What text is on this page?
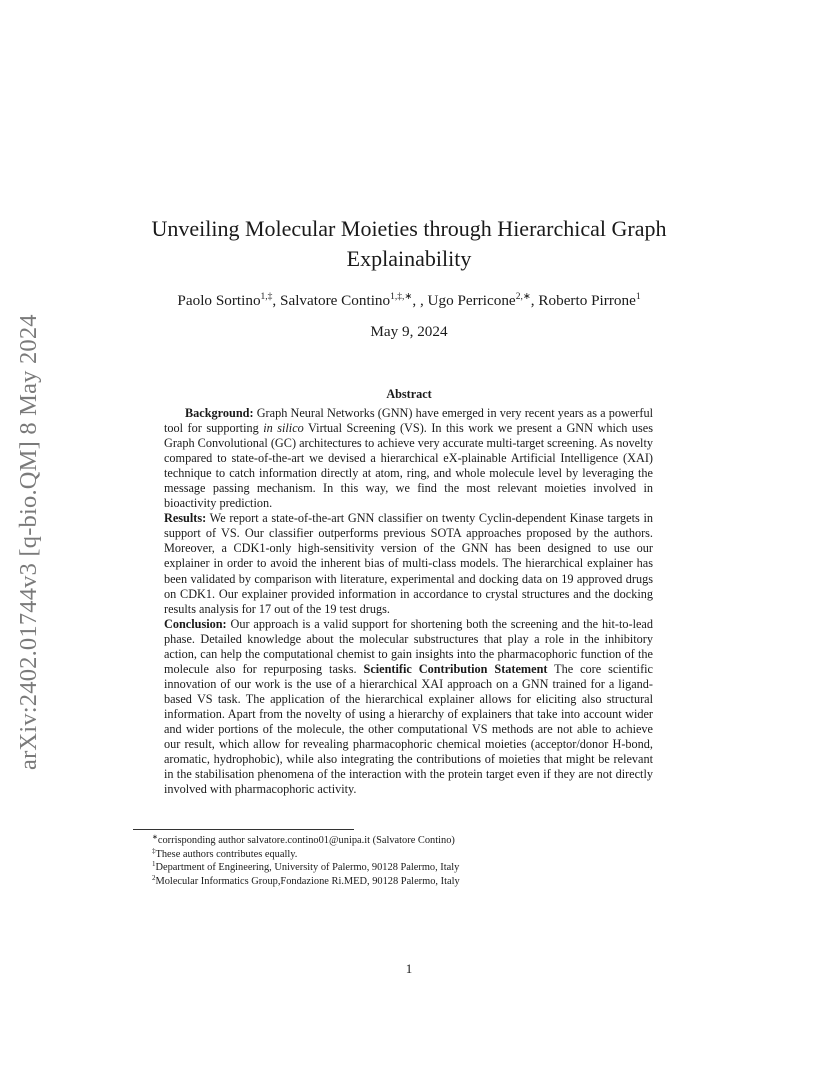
arXiv:2402.01744v3 [q-bio.QM] 8 May 2024
Unveiling Molecular Moieties through Hierarchical Graph Explainability
Paolo Sortino$^{1,\ddagger}$, Salvatore Contino$^{1,\ddagger,∗}$, , Ugo Perricone$^{2,∗}$, Roberto Pirrone$^1$
May 9, 2024
Abstract

Background: Graph Neural Networks (GNN) have emerged in very recent years as a powerful tool for supporting in silico Virtual Screening (VS). In this work we present a GNN which uses Graph Convolutional (GC) architectures to achieve very accurate multi-target screening. As novelty compared to state-of-the-art we devised a hierarchical eX-plainable Artificial Intelligence (XAI) technique to catch information directly at atom, ring, and whole molecule level by leveraging the message passing mechanism. In this way, we find the most relevant moieties involved in bioactivity prediction.

Results: We report a state-of-the-art GNN classifier on twenty Cyclin-dependent Kinase targets in support of VS. Our classifier outperforms previous SOTA approaches proposed by the authors. Moreover, a CDK1-only high-sensitivity version of the GNN has been designed to use our explainer in order to avoid the inherent bias of multi-class models. The hierarchical explainer has been validated by comparison with literature, experimental and docking data on 19 approved drugs on CDK1. Our explainer provided information in accordance to crystal structures and the docking results analysis for 17 out of the 19 test drugs.

Conclusion: Our approach is a valid support for shortening both the screening and the hit-to-lead phase. Detailed knowledge about the molecular substructures that play a role in the inhibitory action, can help the computational chemist to gain insights into the pharmacophoric function of the molecule also for repurposing tasks. Scientific Contribution Statement The core scientific innovation of our work is the use of a hierarchical XAI approach on a GNN trained for a ligand-based VS task. The application of the hierarchical explainer allows for eliciting also structural information. Apart from the novelty of using a hierarchy of explainers that take into account wider and wider portions of the molecule, the other computational VS methods are not able to achieve our result, which allow for revealing pharmacophoric chemical moieties (acceptor/donor H-bond, aromatic, hydrophobic), while also integrating the contributions of moieties that might be relevant in the stabilisation phenomena of the interaction with the protein target even if they are not directly involved with pharmacophoric activity.

∗corrisponding author salvatore.contino01@unipa.it (Salvatore Contino)
‡These authors contributes equally.
$^1$Department of Engineering, University of Palermo, 90128 Palermo, Italy
$^2$Molecular Informatics Group,Fondazione Ri.MED, 90128 Palermo, Italy
1
